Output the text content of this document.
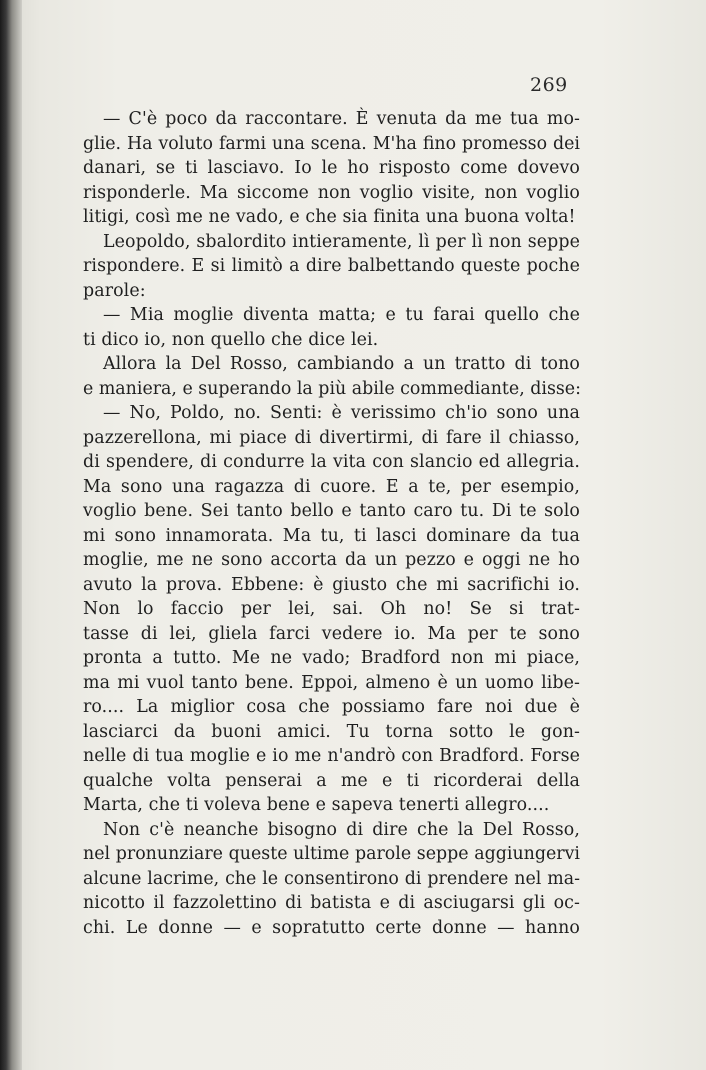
269
— C'è poco da raccontare. È venuta da me tua mo-
glie. Ha voluto farmi una scena. M'ha fino promesso dei
danari, se ti lasciavo. Io le ho risposto come dovevo
risponderle. Ma siccome non voglio visite, non voglio
litigi, così me ne vado, e che sia finita una buona volta!
Leopoldo, sbalordito intieramente, lì per lì non seppe
rispondere. E si limitò a dire balbettando queste poche
parole:
— Mia moglie diventa matta; e tu farai quello che
ti dico io, non quello che dice lei.
Allora la Del Rosso, cambiando a un tratto di tono
e maniera, e superando la più abile commediante, disse:
— No, Poldo, no. Senti: è verissimo ch'io sono una
pazzerellona, mi piace di divertirmi, di fare il chiasso,
di spendere, di condurre la vita con slancio ed allegria.
Ma sono una ragazza di cuore. E a te, per esempio,
voglio bene. Sei tanto bello e tanto caro tu. Di te solo
mi sono innamorata. Ma tu, ti lasci dominare da tua
moglie, me ne sono accorta da un pezzo e oggi ne ho
avuto la prova. Ebbene: è giusto che mi sacrifichi io.
Non lo faccio per lei, sai. Oh no! Se si trat-
tasse di lei, gliela farci vedere io. Ma per te sono
pronta a tutto. Me ne vado; Bradford non mi piace,
ma mi vuol tanto bene. Eppoi, almeno è un uomo libe-
ro.... La miglior cosa che possiamo fare noi due è
lasciarci da buoni amici. Tu torna sotto le gon-
nelle di tua moglie e io me n'andrò con Bradford. Forse
qualche volta penserai a me e ti ricorderai della
Marta, che ti voleva bene e sapeva tenerti allegro....
Non c'è neanche bisogno di dire che la Del Rosso,
nel pronunziare queste ultime parole seppe aggiungervi
alcune lacrime, che le consentirono di prendere nel ma-
nicotto il fazzolettino di batista e di asciugarsi gli oc-
chi. Le donne — e sopratutto certe donne — hanno
